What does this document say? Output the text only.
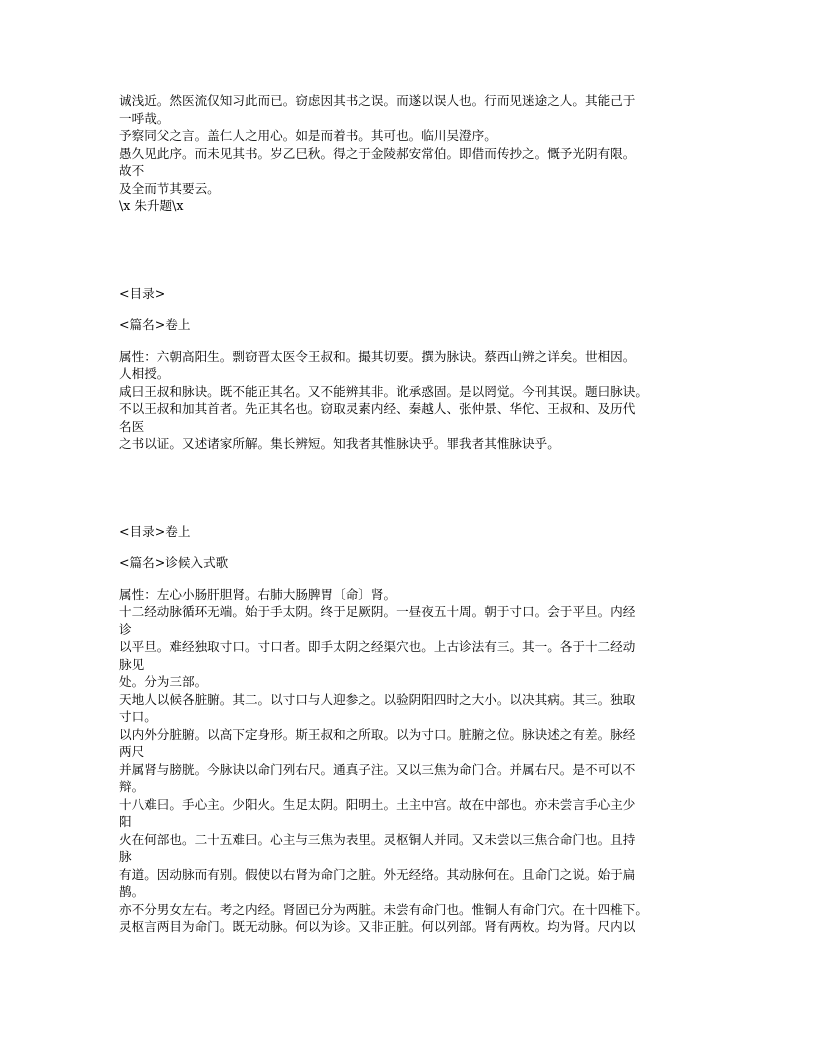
诚浅近。然医流仅知习此而已。窃虑因其书之误。而遂以误人也。行而见迷途之人。其能己于
一呼哉。
予察同父之言。盖仁人之用心。如是而着书。其可也。临川吴澄序。
愚久见此序。而未见其书。岁乙巳秋。得之于金陵郝安常伯。即借而传抄之。慨予光阴有限。
故不
及全而节其要云。
\x 朱升题\x
<目录>
<篇名>卷上
属性：六朝高阳生。剽窃晋太医令王叔和。撮其切要。撰为脉诀。蔡西山辨之详矣。世相因。
人相授。
咸曰王叔和脉诀。既不能正其名。又不能辨其非。讹承惑固。是以罔觉。今刊其误。题曰脉诀。
不以王叔和加其首者。先正其名也。窃取灵素内经、秦越人、张仲景、华佗、王叔和、及历代
名医
之书以证。又述诸家所解。集长辨短。知我者其惟脉诀乎。罪我者其惟脉诀乎。
<目录>卷上
<篇名>诊候入式歌
属性：左心小肠肝胆肾。右肺大肠脾胃〔命〕肾。
十二经动脉循环无端。始于手太阴。终于足厥阴。一昼夜五十周。朝于寸口。会于平旦。内经
诊
以平旦。难经独取寸口。寸口者。即手太阴之经渠穴也。上古诊法有三。其一。各于十二经动
脉见
处。分为三部。
天地人以候各脏腑。其二。以寸口与人迎参之。以验阴阳四时之大小。以决其病。其三。独取
寸口。
以内外分脏腑。以高下定身形。斯王叔和之所取。以为寸口。脏腑之位。脉诀述之有差。脉经
两尺
并属肾与膀胱。今脉诀以命门列右尺。通真子注。又以三焦为命门合。并属右尺。是不可以不
辩。
十八难曰。手心主。少阳火。生足太阴。阳明土。土主中宫。故在中部也。亦未尝言手心主少
阳
火在何部也。二十五难曰。心主与三焦为表里。灵枢铜人并同。又未尝以三焦合命门也。且持
脉
有道。因动脉而有别。假使以右肾为命门之脏。外无经络。其动脉何在。且命门之说。始于扁
鹊。
亦不分男女左右。考之内经。肾固已分为两脏。未尝有命门也。惟铜人有命门穴。在十四椎下。
灵枢言两目为命门。既无动脉。何以为诊。又非正脏。何以列部。肾有两枚。均为肾。尺内以
